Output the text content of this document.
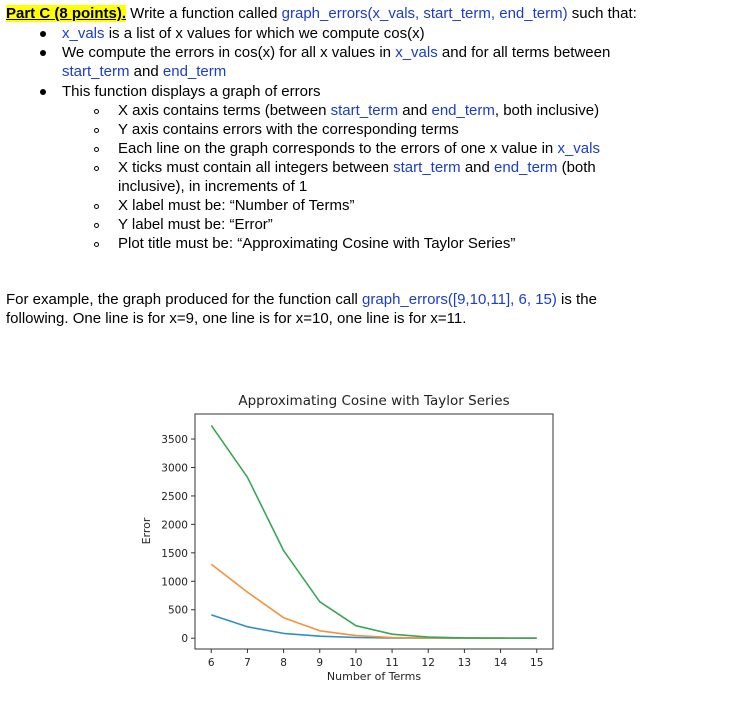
Part C (8 points). Write a function called graph_errors(x_vals, start_term, end_term) such that:
x_vals is a list of x values for which we compute cos(x)
We compute the errors in cos(x) for all x values in x_vals and for all terms between
start_term and end_term
This function displays a graph of errors
X axis contains terms (between start_term and end_term, both inclusive)
Y axis contains errors with the corresponding terms
Each line on the graph corresponds to the errors of one x value in x_vals
X ticks must contain all integers between start_term and end_term (both
inclusive), in increments of 1
X label must be: “Number of Terms”
Y label must be: “Error”
Plot title must be: “Approximating Cosine with Taylor Series”
For example, the graph produced for the function call graph_errors([9,10,11], 6, 15) is the
following. One line is for x=9, one line is for x=10, one line is for x=11.
Approximating Cosine with Taylor Series
0
500
1000
1500
2000
2500
3000
3500
6	7	8	9 10 11 12 13 14 15
Number of Terms
Error
